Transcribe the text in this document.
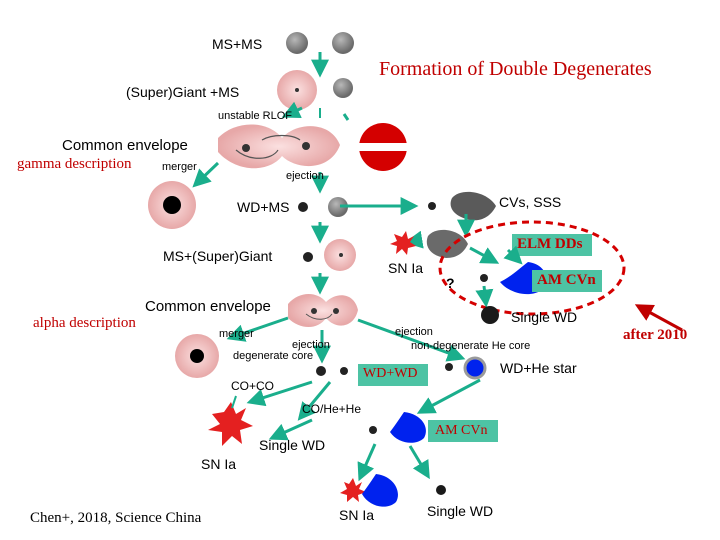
Formation of Double Degenerates
MS+MS
(Super)Giant +MS
unstable RLOF
Common envelope
gamma description	merger
ejection
WD+MS	CVs, SSS
ELM DDs
MS+(Super)Giant
SN Ia
?	AM CVn
Common envelope
alpha description	Single WD
merger
ejection
degenerate core
ejection
non-degenerate He core
after 2010
WD+WD	WD+He star
CO+CO
CO/He+He
AM CVn
Single WD
SN Ia
Chen+, 2018, Science China	SN Ia	Single WD
